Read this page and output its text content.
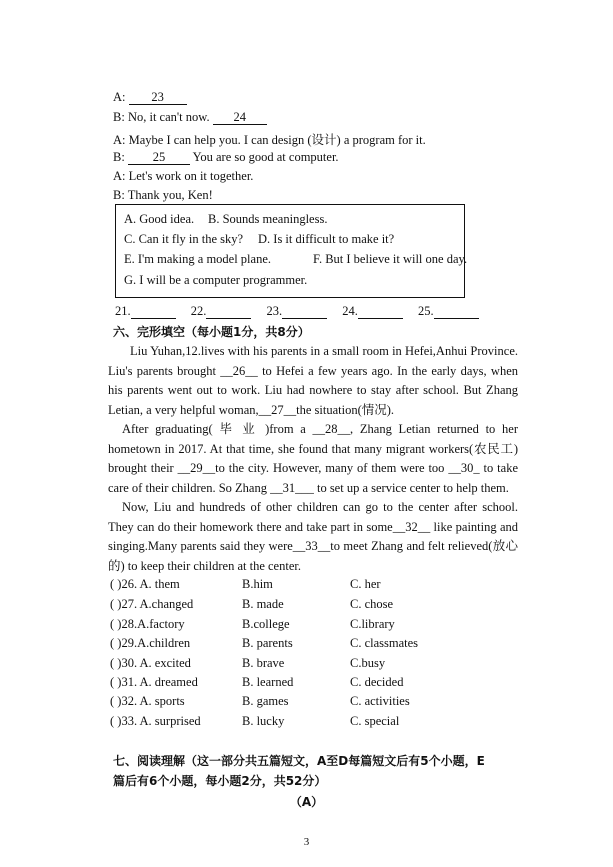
A: 23
B: No, it can't now. 24
A: Maybe I can help you. I can design (设计) a program for it.
B: 25 You are so good at computer.
A: Let's work on it together.
B: Thank you, Ken!
A. Good idea. B. Sounds meaningless.
C. Can it fly in the sky? D. Is it difficult to make it?
E. I'm making a model plane.	F. But I believe it will one day.
G. I will be a computer programmer.
21.	22.	23.	24.	25.
六、完形填空（每小题1分，共8分）
Liu Yuhan,12.lives with his parents in a small room in Hefei,Anhui Province. Liu's parents brought __26__ to Hefei a few years ago. In the early days, when his parents went out to work. Liu had nowhere to stay after school. But Zhang Letian, a very helpful woman,__27__the situation(情况).
After graduating( 毕 业 )from a __28__, Zhang Letian returned to her hometown in 2017. At that time, she found that many migrant workers(农民工) brought their __29__to the city. However, many of them were too __30_ to take care of their children. So Zhang __31___ to set up a service center to help them.
Now, Liu and hundreds of other children can go to the center after school. They can do their homework there and take part in some__32__ like painting and singing.Many parents said they were__33__to meet Zhang and felt relieved(放心的) to keep their children at the center.
( )26. A. them	B.him	C. her
( )27. A.changed	B. made	C. chose
( )28.A.factory	B.college	C.library
( )29.A.children	B. parents	C. classmates
( )30. A. excited	B. brave	C.busy
( )31. A. dreamed	B. learned	C. decided
( )32. A. sports	B. games	C. activities
( )33. A. surprised	B. lucky	C. special
七、阅读理解（这一部分共五篇短文，A至D每篇短文后有5个小题，E
篇后有6个小题，每小题2分，共52分）
（A）
3
